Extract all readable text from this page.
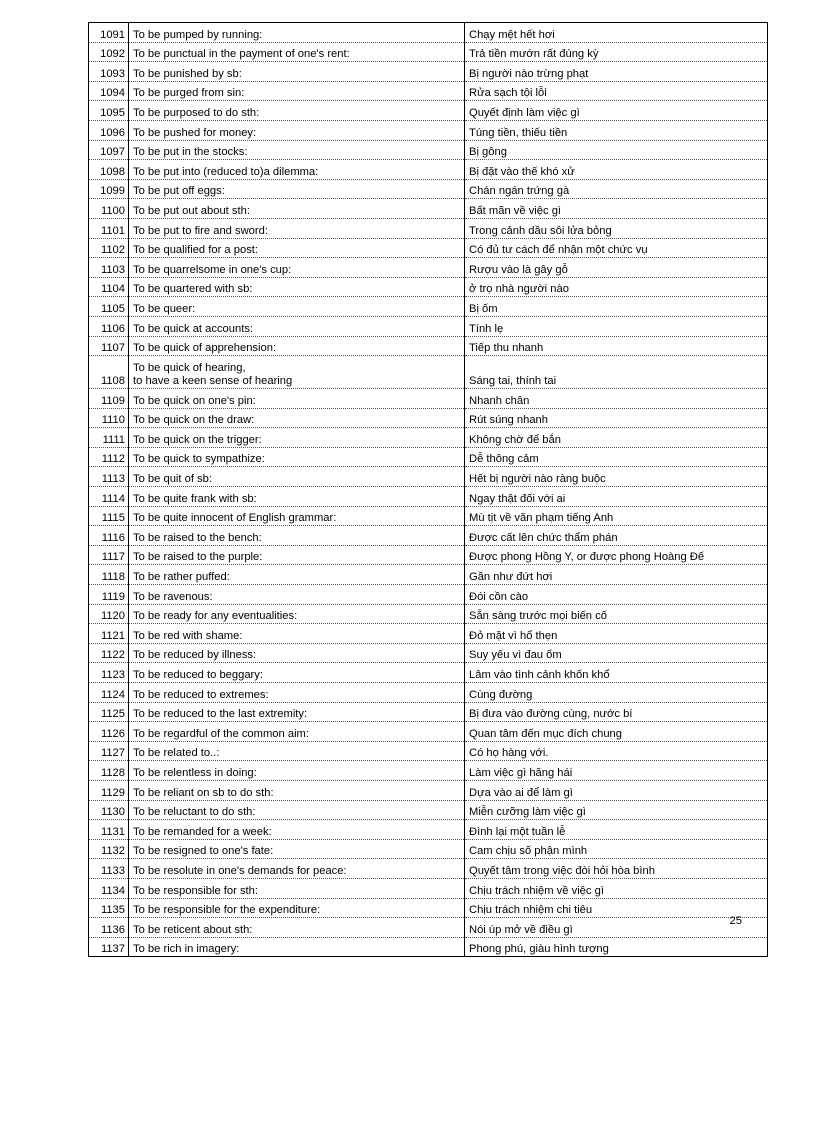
1091	To be pumped by running:	Chạy mệt hết hơi
1092	To be punctual in the payment of one's rent:	Trả tiền mướn rất đúng kỳ
1093	To be punished by sb:	Bị người nào trừng phạt
1094	To be purged from sin:	Rửa sạch tội lỗi
1095	To be purposed to do sth:	Quyết định làm việc gì
1096	To be pushed for money:	Túng tiền, thiếu tiền
1097	To be put in the stocks:	Bị gông
1098	To be put into (reduced to)a dilemma:	Bị đặt vào thế khó xử
1099	To be put off eggs:	Chán ngán trứng gà
1100	To be put out about sth:	Bất mãn về việc gì
1101	To be put to fire and sword:	Trong cảnh dầu sôi lửa bỏng
1102	To be qualified for a post:	Có đủ tư cách để nhận một chức vụ
1103	To be quarrelsome in one's cup:	Rượu vào là gây gỗ
1104	To be quartered with sb:	ở trọ nhà người nào
1105	To be queer:	Bị ốm
1106	To be quick at accounts:	Tính lẹ
1107	To be quick of apprehension:	Tiếp thu nhanh
1108	To be quick of hearing,
to have a keen sense of hearing	Sáng tai, thính tai
1109	To be quick on one's pin:	Nhanh chân
1110	To be quick on the draw:	Rút súng nhanh
1111	To be quick on the trigger:	Không chờ để bắn
1112	To be quick to sympathize:	Dễ thông cảm
1113	To be quit of sb:	Hết bị người nào ràng buộc
1114	To be quite frank with sb:	Ngay thật đối với ai
1115	To be quite innocent of English grammar:	Mù tịt về văn phạm tiếng Anh
1116	To be raised to the bench:	Được cất lên chức thẩm phán
1117	To be raised to the purple:	Được phong Hồng Y, or được phong Hoàng Đế
1118	To be rather puffed:	Gần như đứt hơi
1119	To be ravenous:	Đói cồn cào
1120	To be ready for any eventualities:	Sẵn sàng trước mọi biến cố
1121	To be red with shame:	Đỏ mặt vì hổ thẹn
1122	To be reduced by illness:	Suy yếu vì đau ốm
1123	To be reduced to beggary:	Lâm vào tình cảnh khốn khổ
1124	To be reduced to extremes:	Cùng đường
1125	To be reduced to the last extremity:	Bị đưa vào đường cùng, nước bí
1126	To be regardful of the common aim:	Quan tâm đến mục đích chung
1127	To be related to..:	Có họ hàng với.
1128	To be relentless in doing:	Làm việc gì hăng hái
1129	To be reliant on sb to do sth:	Dựa vào ai để làm gì
1130	To be reluctant to do sth:	Miễn cưỡng làm việc gì
1131	To be remanded for a week:	Đình lại một tuần lễ
1132	To be resigned to one's fate:	Cam chịu số phận mình
1133	To be resolute in one's demands for peace:	Quyết tâm trong việc đòi hỏi hòa bình
1134	To be responsible for sth:	Chịu trách nhiệm về việc gì
1135	To be responsible for the expenditure:	Chịu trách nhiệm chi tiêu
1136	To be reticent about sth:	Nói úp mở về điều gì
1137	To be rich in imagery:	Phong phú, giàu hình tượng
25
